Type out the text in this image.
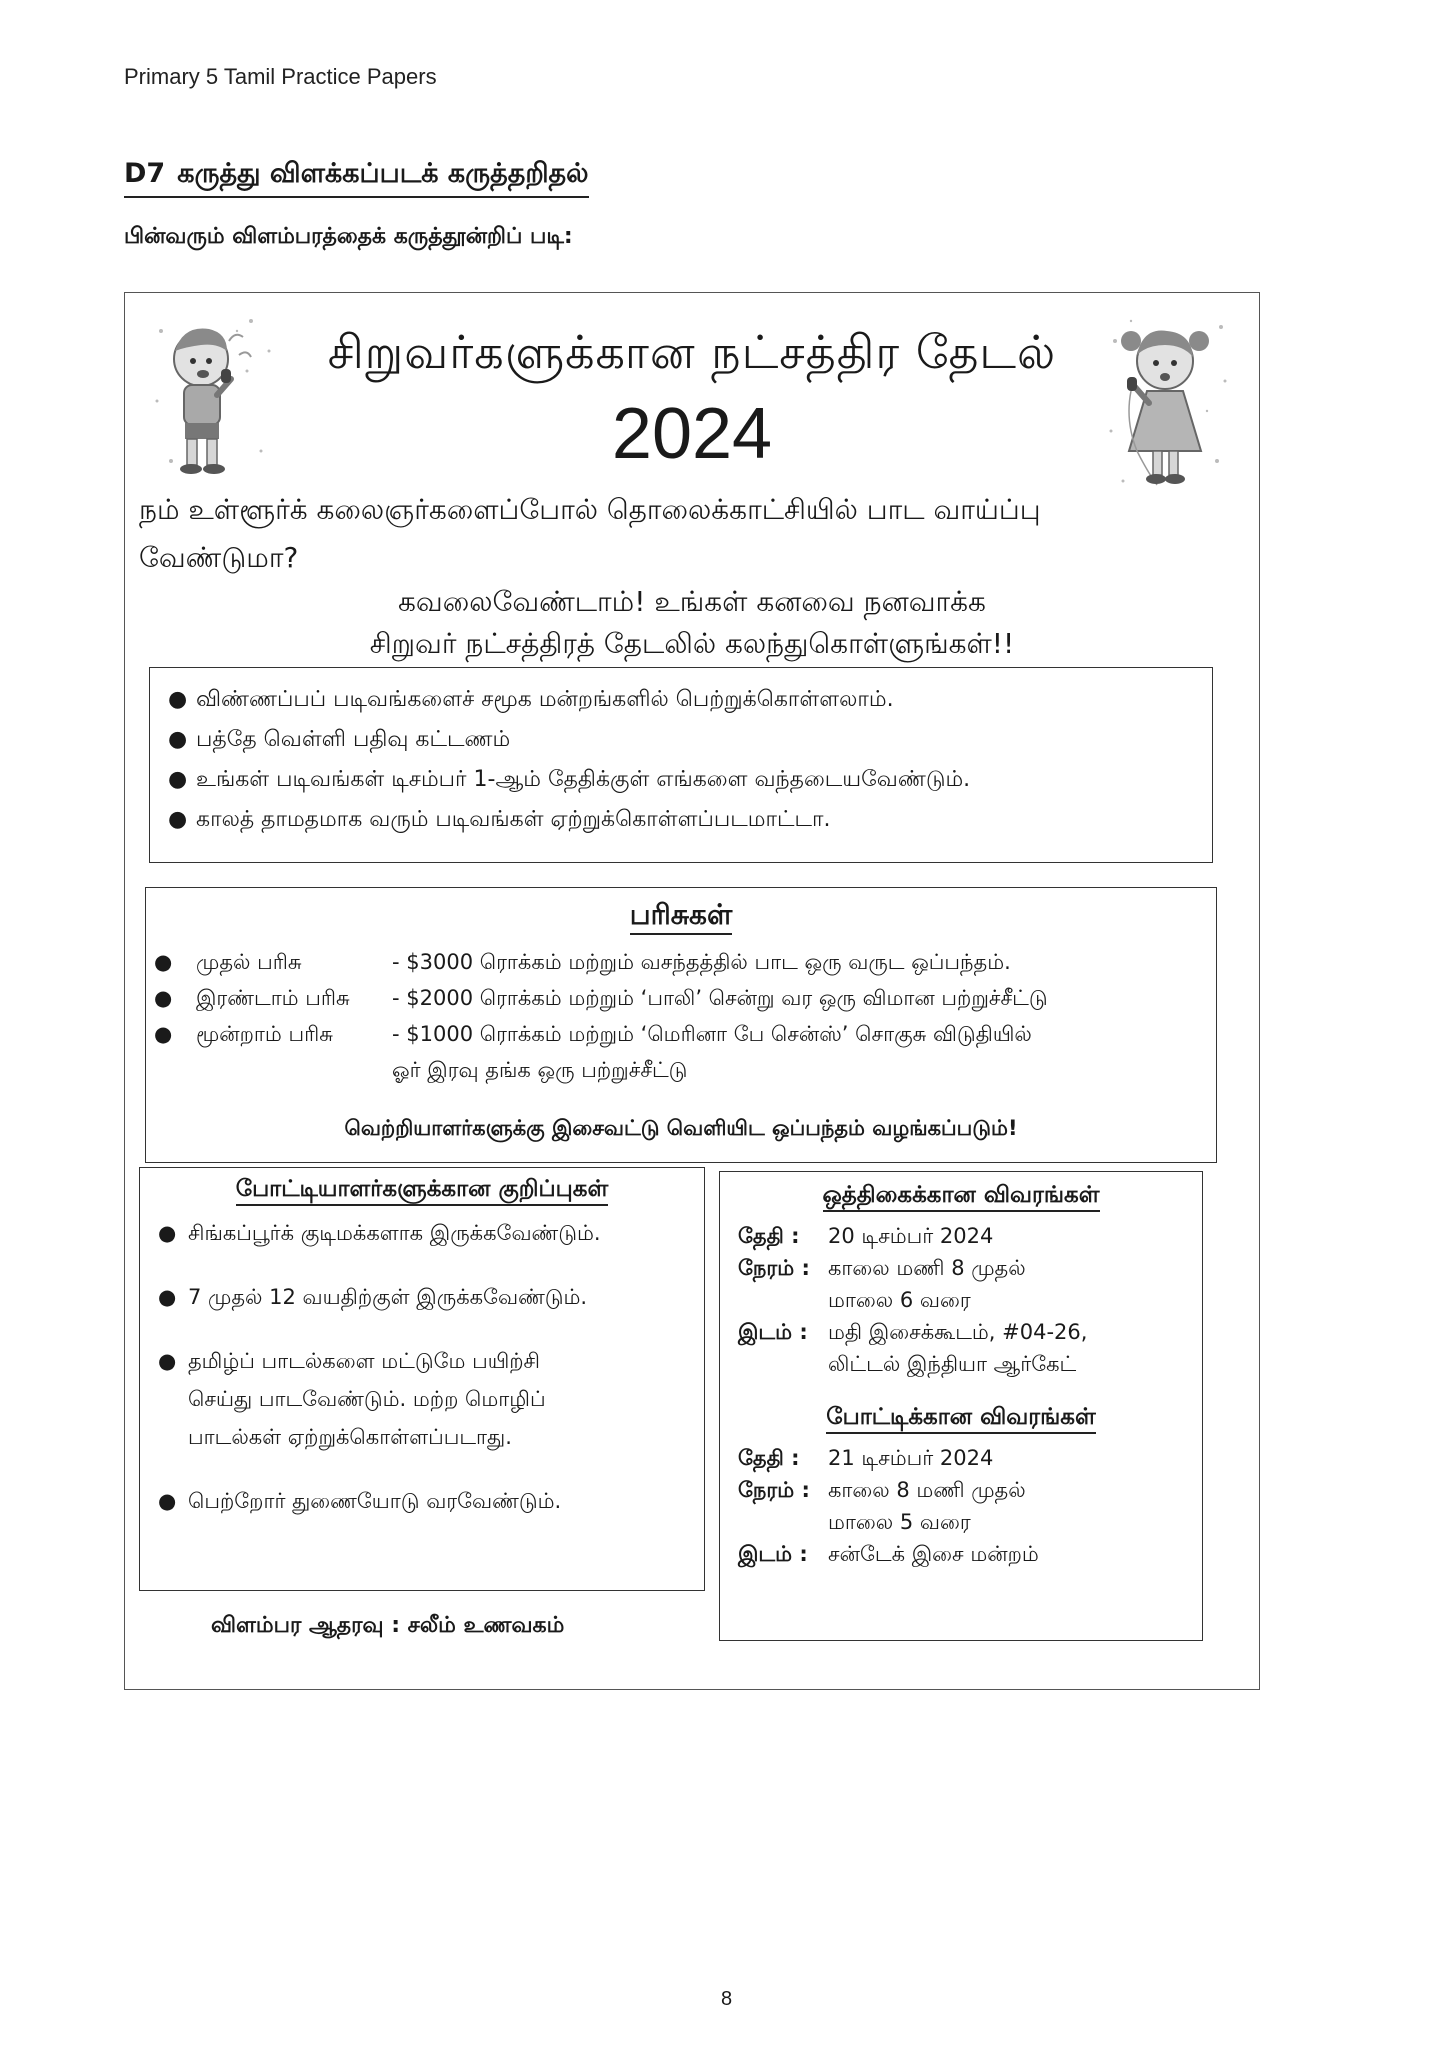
Primary 5 Tamil Practice Papers
D7 கருத்து விளக்கப்படக் கருத்தறிதல்
பின்வரும் விளம்பரத்தைக் கருத்தூன்றிப் படி:
சிறுவர்களுக்கான நட்சத்திர தேடல்
2024
நம் உள்ளூர்க் கலைஞர்களைப்போல் தொலைக்காட்சியில் பாட வாய்ப்பு
வேண்டுமா?
கவலைவேண்டாம்! உங்கள் கனவை நனவாக்க
சிறுவர் நட்சத்திரத் தேடலில் கலந்துகொள்ளுங்கள்!!
● விண்ணப்பப் படிவங்களைச் சமூக மன்றங்களில் பெற்றுக்கொள்ளலாம்.
● பத்தே வெள்ளி பதிவு கட்டணம்
● உங்கள் படிவங்கள் டிசம்பர் 1-ஆம் தேதிக்குள் எங்களை வந்தடையவேண்டும்.
● காலத் தாமதமாக வரும் படிவங்கள் ஏற்றுக்கொள்ளப்படமாட்டா.
பரிசுகள்
● முதல் பரிசு	- $3000 ரொக்கம் மற்றும் வசந்தத்தில் பாட ஒரு வருட ஒப்பந்தம்.
● இரண்டாம் பரிசு - $2000 ரொக்கம் மற்றும் ‘பாலி’ சென்று வர ஒரு விமான பற்றுச்சீட்டு
● மூன்றாம் பரிசு	- $1000 ரொக்கம் மற்றும் ‘மெரினா பே சென்ஸ்’ சொகுசு விடுதியில்
ஓர் இரவு தங்க ஒரு பற்றுச்சீட்டு
வெற்றியாளர்களுக்கு இசைவட்டு வெளியிட ஒப்பந்தம் வழங்கப்படும்!
போட்டியாளர்களுக்கான குறிப்புகள்
● சிங்கப்பூர்க் குடிமக்களாக இருக்கவேண்டும்.
● 7 முதல் 12 வயதிற்குள் இருக்கவேண்டும்.
● தமிழ்ப் பாடல்களை மட்டுமே பயிற்சி
செய்து பாடவேண்டும். மற்ற மொழிப்
பாடல்கள் ஏற்றுக்கொள்ளப்படாது.
● பெற்றோர் துணையோடு வரவேண்டும்.
விளம்பர ஆதரவு : சலீம் உணவகம்
ஒத்திகைக்கான விவரங்கள்
தேதி :	20 டிசம்பர் 2024
நேரம் :	காலை மணி 8 முதல்
மாலை 6 வரை
இடம் :	மதி இசைக்கூடம், #04-26,
லிட்டல் இந்தியா ஆர்கேட்
போட்டிக்கான விவரங்கள்
தேதி :	21 டிசம்பர் 2024
நேரம் :	காலை 8 மணி முதல்
மாலை 5 வரை
இடம் :	சன்டேக் இசை மன்றம்
8
